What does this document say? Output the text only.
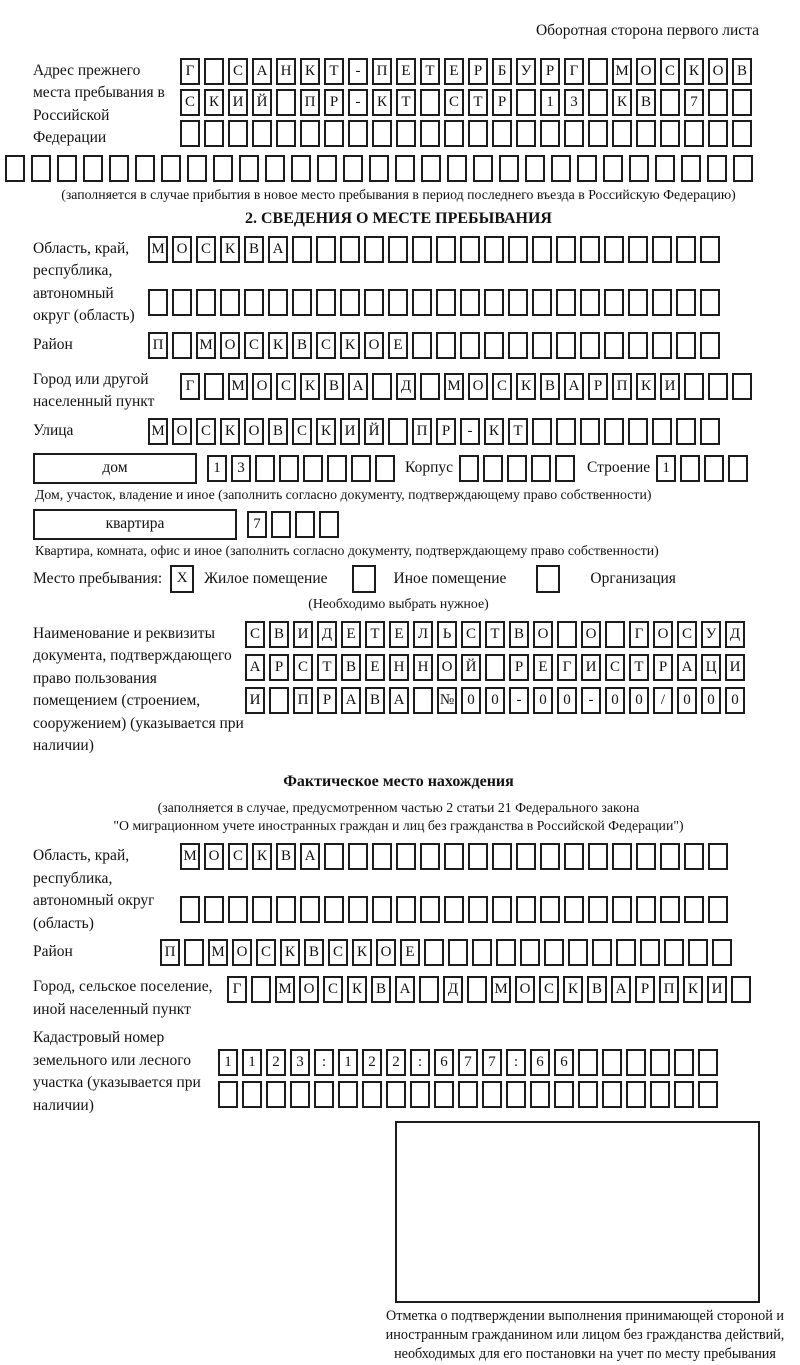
Оборотная сторона первого листа
Адрес прежнего места пребывания в Российской Федерации
Г	С А Н К Т	-	П Е Т Е	Р	Б У Р	Г	М О С К О В
С К И Й	П Р	-	К Т	С Т	Р	1	3	К В	7
(заполняется в случае прибытия в новое место пребывания в период последнего въезда в Российскую Федерацию)
2. СВЕДЕНИЯ О МЕСТЕ ПРЕБЫВАНИЯ
Область, край, республика, автономный округ (область)
М О С К В А
Район	П	М О С К В С К О Е
Город или другой населенный пункт
Г	М О С К В А	Д	М О С К В А Р П К И
Улица	М О С К О В С К И Й	П Р	-	К Т
дом	1	3	Корпус	Строение 1
Дом, участок, владение и иное (заполнить согласно документу, подтверждающему право собственности)
квартира	7
Квартира, комната, офис и иное (заполнить согласно документу, подтверждающему право собственности)
Место пребывания: X	Жилое помещение	Иное помещение	Организация
(Необходимо выбрать нужное)
Наименование и реквизиты документа, подтверждающего право пользования помещением (строением, сооружением) (указывается при наличии)
С В И Д Е Т Е Л Ь С Т В О	О	Г О С У Д
А Р С Т В Е Н Н О Й	Р	Е	Г И С Т	Р А Ц И
И	П Р А В А	№ 0	0	-	0	0	-	0	0	/	0	0	0
Фактическое место нахождения
(заполняется в случае, предусмотренном частью 2 статьи 21 Федерального закона
"О миграционном учете иностранных граждан и лиц без гражданства в Российской Федерации")
Область, край, республика, автономный округ (область)
М О С К В А
Район	П	М О С К В С К О Е
Город, сельское поселение, иной населенный пункт
Г	М О С К В А	Д	М О С К В А Р П К И
Кадастровый номер земельного или лесного участка (указывается при наличии)
1	1	2	3	:	1	2	2	:	6	7	7	:	6	6
Отметка о подтверждении выполнения принимающей стороной и иностранным гражданином или лицом без гражданства действий, необходимых для его постановки на учет по месту пребывания
